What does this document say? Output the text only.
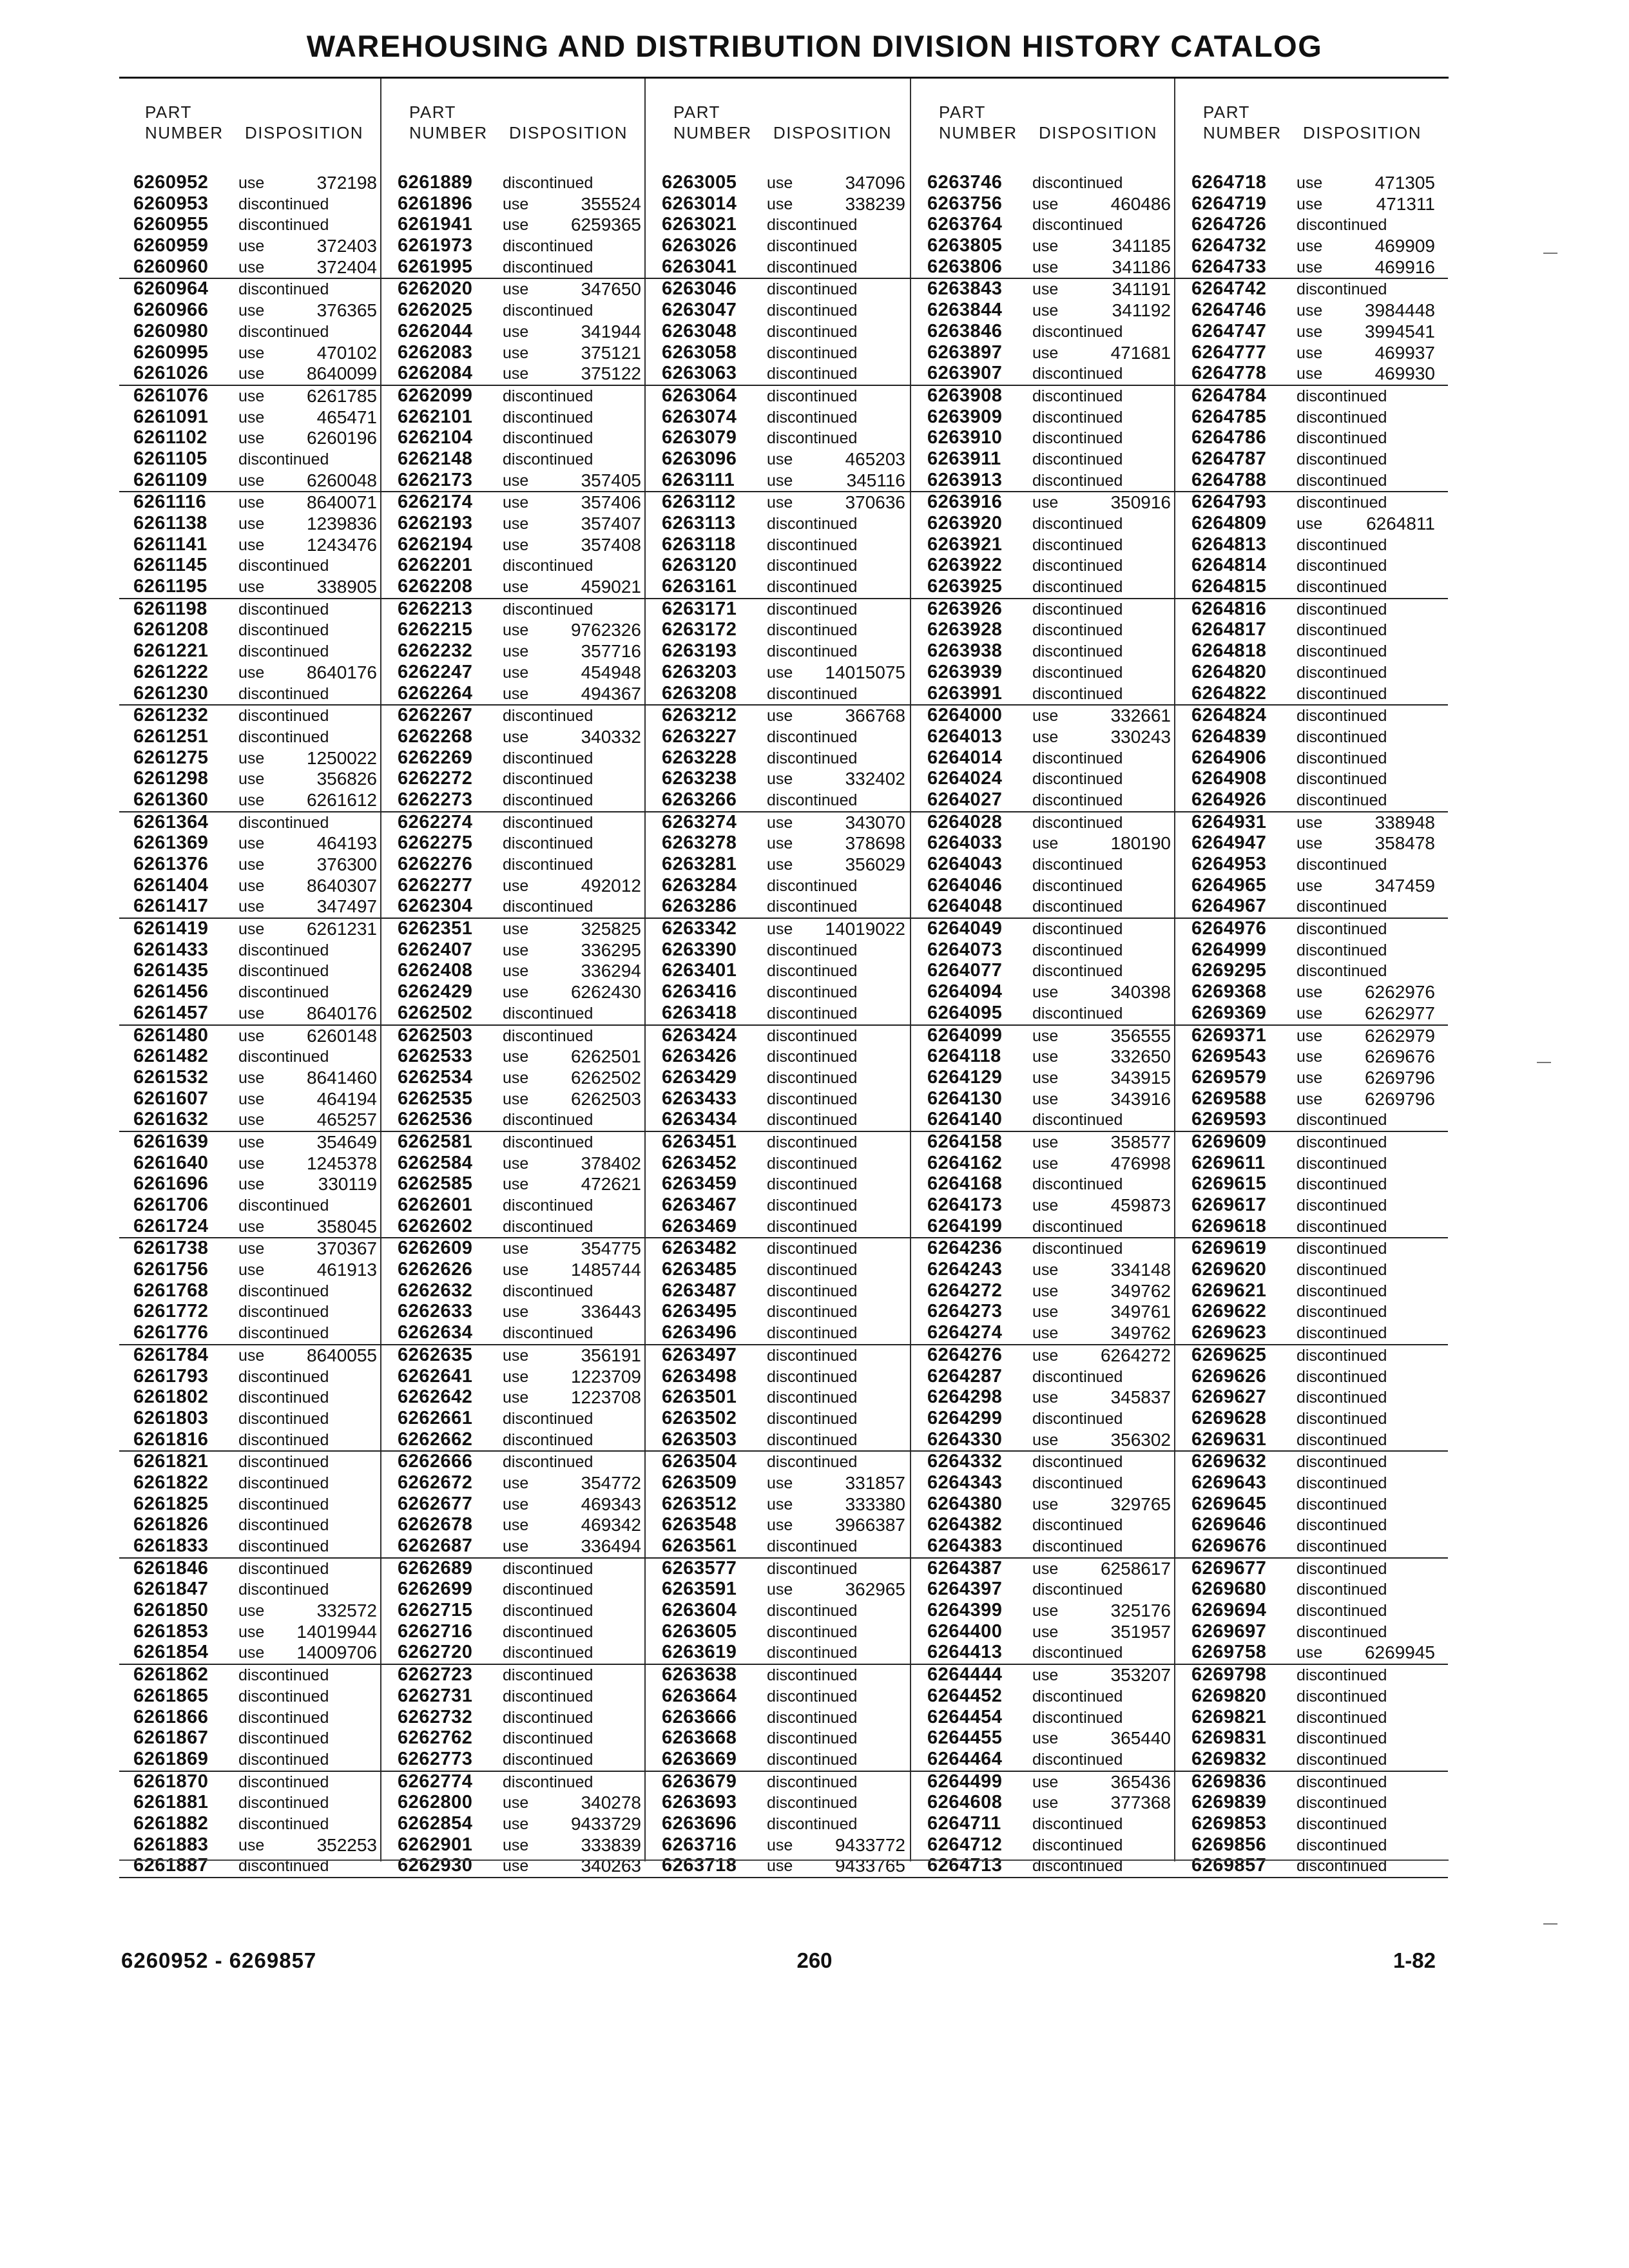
WAREHOUSING AND DISTRIBUTION DIVISION HISTORY CATALOG
PART
NUMBER DISPOSITION
6260952 use	372198
6260953 discontinued
6260955 discontinued
6260959 use	372403
6260960 use	372404
6260964 discontinued
6260966 use	376365
6260980 discontinued
6260995 use	470102
6261026 use 8640099
6261076 use 6261785
6261091 use	465471
6261102 use 6260196
6261105 discontinued
6261109 use 6260048
6261116 use 8640071
6261138 use 1239836
6261141 use 1243476
6261145 discontinued
6261195 use	338905
6261198 discontinued
6261208 discontinued
6261221 discontinued
6261222 use 8640176
6261230 discontinued
6261232 discontinued
6261251 discontinued
6261275 use 1250022
6261298 use	356826
6261360 use 6261612
6261364 discontinued
6261369 use	464193
6261376 use	376300
6261404 use 8640307
6261417 use	347497
6261419 use 6261231
6261433 discontinued
6261435 discontinued
6261456 discontinued
6261457 use 8640176
6261480 use 6260148
6261482 discontinued
6261532 use 8641460
6261607 use	464194
6261632 use	465257
6261639 use	354649
6261640 use 1245378
6261696 use	330119
6261706 discontinued
6261724 use	358045
6261738 use	370367
6261756 use	461913
6261768 discontinued
6261772 discontinued
6261776 discontinued
6261784 use 8640055
6261793 discontinued
6261802 discontinued
6261803 discontinued
6261816 discontinued
6261821 discontinued
6261822 discontinued
6261825 discontinued
6261826 discontinued
6261833 discontinued
6261846 discontinued
6261847 discontinued
6261850 use	332572
6261853 use 14019944
6261854 use 14009706
6261862 discontinued
6261865 discontinued
6261866 discontinued
6261867 discontinued
6261869 discontinued
6261870 discontinued
6261881 discontinued
6261882 discontinued
6261883 use	352253
6261887 discontinued
PART
NUMBER DISPOSITION
6261889 discontinued
6261896 use	355524
6261941 use 6259365
6261973 discontinued
6261995 discontinued
6262020 use	347650
6262025 discontinued
6262044 use	341944
6262083 use	375121
6262084 use	375122
6262099 discontinued
6262101 discontinued
6262104 discontinued
6262148 discontinued
6262173 use	357405
6262174 use	357406
6262193 use	357407
6262194 use	357408
6262201 discontinued
6262208 use	459021
6262213 discontinued
6262215 use 9762326
6262232 use	357716
6262247 use	454948
6262264 use	494367
6262267 discontinued
6262268 use	340332
6262269 discontinued
6262272 discontinued
6262273 discontinued
6262274 discontinued
6262275 discontinued
6262276 discontinued
6262277 use	492012
6262304 discontinued
6262351 use	325825
6262407 use	336295
6262408 use	336294
6262429 use 6262430
6262502 discontinued
6262503 discontinued
6262533 use 6262501
6262534 use 6262502
6262535 use 6262503
6262536 discontinued
6262581 discontinued
6262584 use	378402
6262585 use	472621
6262601 discontinued
6262602 discontinued
6262609 use	354775
6262626 use 1485744
6262632 discontinued
6262633 use	336443
6262634 discontinued
6262635 use	356191
6262641 use 1223709
6262642 use 1223708
6262661 discontinued
6262662 discontinued
6262666 discontinued
6262672 use	354772
6262677 use	469343
6262678 use	469342
6262687 use	336494
6262689 discontinued
6262699 discontinued
6262715 discontinued
6262716 discontinued
6262720 discontinued
6262723 discontinued
6262731 discontinued
6262732 discontinued
6262762 discontinued
6262773 discontinued
6262774 discontinued
6262800 use	340278
6262854 use 9433729
6262901 use	333839
6262930 use	340263
PART
NUMBER DISPOSITION
6263005 use	347096
6263014 use	338239
6263021 discontinued
6263026 discontinued
6263041 discontinued
6263046 discontinued
6263047 discontinued
6263048 discontinued
6263058 discontinued
6263063 discontinued
6263064 discontinued
6263074 discontinued
6263079 discontinued
6263096 use	465203
6263111 use	345116
6263112 use	370636
6263113 discontinued
6263118 discontinued
6263120 discontinued
6263161 discontinued
6263171 discontinued
6263172 discontinued
6263193 discontinued
6263203 use 14015075
6263208 discontinued
6263212 use	366768
6263227 discontinued
6263228 discontinued
6263238 use	332402
6263266 discontinued
6263274 use	343070
6263278 use	378698
6263281 use	356029
6263284 discontinued
6263286 discontinued
6263342 use 14019022
6263390 discontinued
6263401 discontinued
6263416 discontinued
6263418 discontinued
6263424 discontinued
6263426 discontinued
6263429 discontinued
6263433 discontinued
6263434 discontinued
6263451 discontinued
6263452 discontinued
6263459 discontinued
6263467 discontinued
6263469 discontinued
6263482 discontinued
6263485 discontinued
6263487 discontinued
6263495 discontinued
6263496 discontinued
6263497 discontinued
6263498 discontinued
6263501 discontinued
6263502 discontinued
6263503 discontinued
6263504 discontinued
6263509 use	331857
6263512 use	333380
6263548 use 3966387
6263561 discontinued
6263577 discontinued
6263591 use	362965
6263604 discontinued
6263605 discontinued
6263619 discontinued
6263638 discontinued
6263664 discontinued
6263666 discontinued
6263668 discontinued
6263669 discontinued
6263679 discontinued
6263693 discontinued
6263696 discontinued
6263716 use 9433772
6263718 use 9433765
PART
NUMBER DISPOSITION
6263746 discontinued
6263756 use	460486
6263764 discontinued
6263805 use	341185
6263806 use	341186
6263843 use	341191
6263844 use	341192
6263846 discontinued
6263897 use	471681
6263907 discontinued
6263908 discontinued
6263909 discontinued
6263910 discontinued
6263911 discontinued
6263913 discontinued
6263916 use	350916
6263920 discontinued
6263921 discontinued
6263922 discontinued
6263925 discontinued
6263926 discontinued
6263928 discontinued
6263938 discontinued
6263939 discontinued
6263991 discontinued
6264000 use	332661
6264013 use	330243
6264014 discontinued
6264024 discontinued
6264027 discontinued
6264028 discontinued
6264033 use	180190
6264043 discontinued
6264046 discontinued
6264048 discontinued
6264049 discontinued
6264073 discontinued
6264077 discontinued
6264094 use	340398
6264095 discontinued
6264099 use	356555
6264118 use	332650
6264129 use	343915
6264130 use	343916
6264140 discontinued
6264158 use	358577
6264162 use	476998
6264168 discontinued
6264173 use	459873
6264199 discontinued
6264236 discontinued
6264243 use	334148
6264272 use	349762
6264273 use	349761
6264274 use	349762
6264276 use 6264272
6264287 discontinued
6264298 use	345837
6264299 discontinued
6264330 use	356302
6264332 discontinued
6264343 discontinued
6264380 use	329765
6264382 discontinued
6264383 discontinued
6264387 use 6258617
6264397 discontinued
6264399 use	325176
6264400 use	351957
6264413 discontinued
6264444 use	353207
6264452 discontinued
6264454 discontinued
6264455 use	365440
6264464 discontinued
6264499 use	365436
6264608 use	377368
6264711 discontinued
6264712 discontinued
6264713 discontinued
PART
NUMBER DISPOSITION
6264718 use	471305
6264719 use	471311
6264726 discontinued
6264732 use	469909
6264733 use	469916
6264742 discontinued
6264746 use 3984448
6264747 use 3994541
6264777 use	469937
6264778 use	469930
6264784 discontinued
6264785 discontinued
6264786 discontinued
6264787 discontinued
6264788 discontinued
6264793 discontinued
6264809 use 6264811
6264813 discontinued
6264814 discontinued
6264815 discontinued
6264816 discontinued
6264817 discontinued
6264818 discontinued
6264820 discontinued
6264822 discontinued
6264824 discontinued
6264839 discontinued
6264906 discontinued
6264908 discontinued
6264926 discontinued
6264931 use	338948
6264947 use	358478
6264953 discontinued
6264965 use	347459
6264967 discontinued
6264976 discontinued
6264999 discontinued
6269295 discontinued
6269368 use 6262976
6269369 use 6262977
6269371 use 6262979
6269543 use 6269676
6269579 use 6269796
6269588 use 6269796
6269593 discontinued
6269609 discontinued
6269611 discontinued
6269615 discontinued
6269617 discontinued
6269618 discontinued
6269619 discontinued
6269620 discontinued
6269621 discontinued
6269622 discontinued
6269623 discontinued
6269625 discontinued
6269626 discontinued
6269627 discontinued
6269628 discontinued
6269631 discontinued
6269632 discontinued
6269643 discontinued
6269645 discontinued
6269646 discontinued
6269676 discontinued
6269677 discontinued
6269680 discontinued
6269694 discontinued
6269697 discontinued
6269758 use 6269945
6269798 discontinued
6269820 discontinued
6269821 discontinued
6269831 discontinued
6269832 discontinued
6269836 discontinued
6269839 discontinued
6269853 discontinued
6269856 discontinued
6269857 discontinued
6260952 - 6269857	260	1-82
